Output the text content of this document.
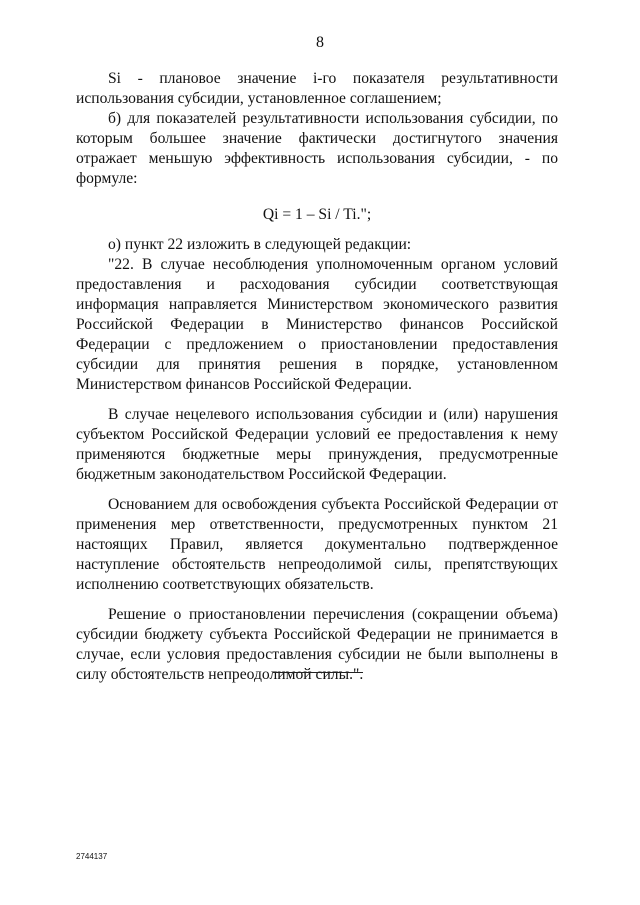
8

Si - плановое значение i-го показателя результативности использования субсидии, установленное соглашением;

б) для показателей результативности использования субсидии, по которым большее значение фактически достигнутого значения отражает меньшую эффективность использования субсидии, - по формуле:

Qi = 1 – Si / Ti.";

о) пункт 22 изложить в следующей редакции:

"22. В случае несоблюдения уполномоченным органом условий предоставления и расходования субсидии соответствующая информация направляется Министерством экономического развития Российской Федерации в Министерство финансов Российской Федерации с предложением о приостановлении предоставления субсидии для принятия решения в порядке, установленном Министерством финансов Российской Федерации.

В случае нецелевого использования субсидии и (или) нарушения субъектом Российской Федерации условий ее предоставления к нему применяются бюджетные меры принуждения, предусмотренные бюджетным законодательством Российской Федерации.

Основанием для освобождения субъекта Российской Федерации от применения мер ответственности, предусмотренных пунктом 21 настоящих Правил, является документально подтвержденное наступление обстоятельств непреодолимой силы, препятствующих исполнению соответствующих обязательств.

Решение о приостановлении перечисления (сокращении объема) субсидии бюджету субъекта Российской Федерации не принимается в случае, если условия предоставления субсидии не были выполнены в силу обстоятельств непреодолимой силы.".

2744137
